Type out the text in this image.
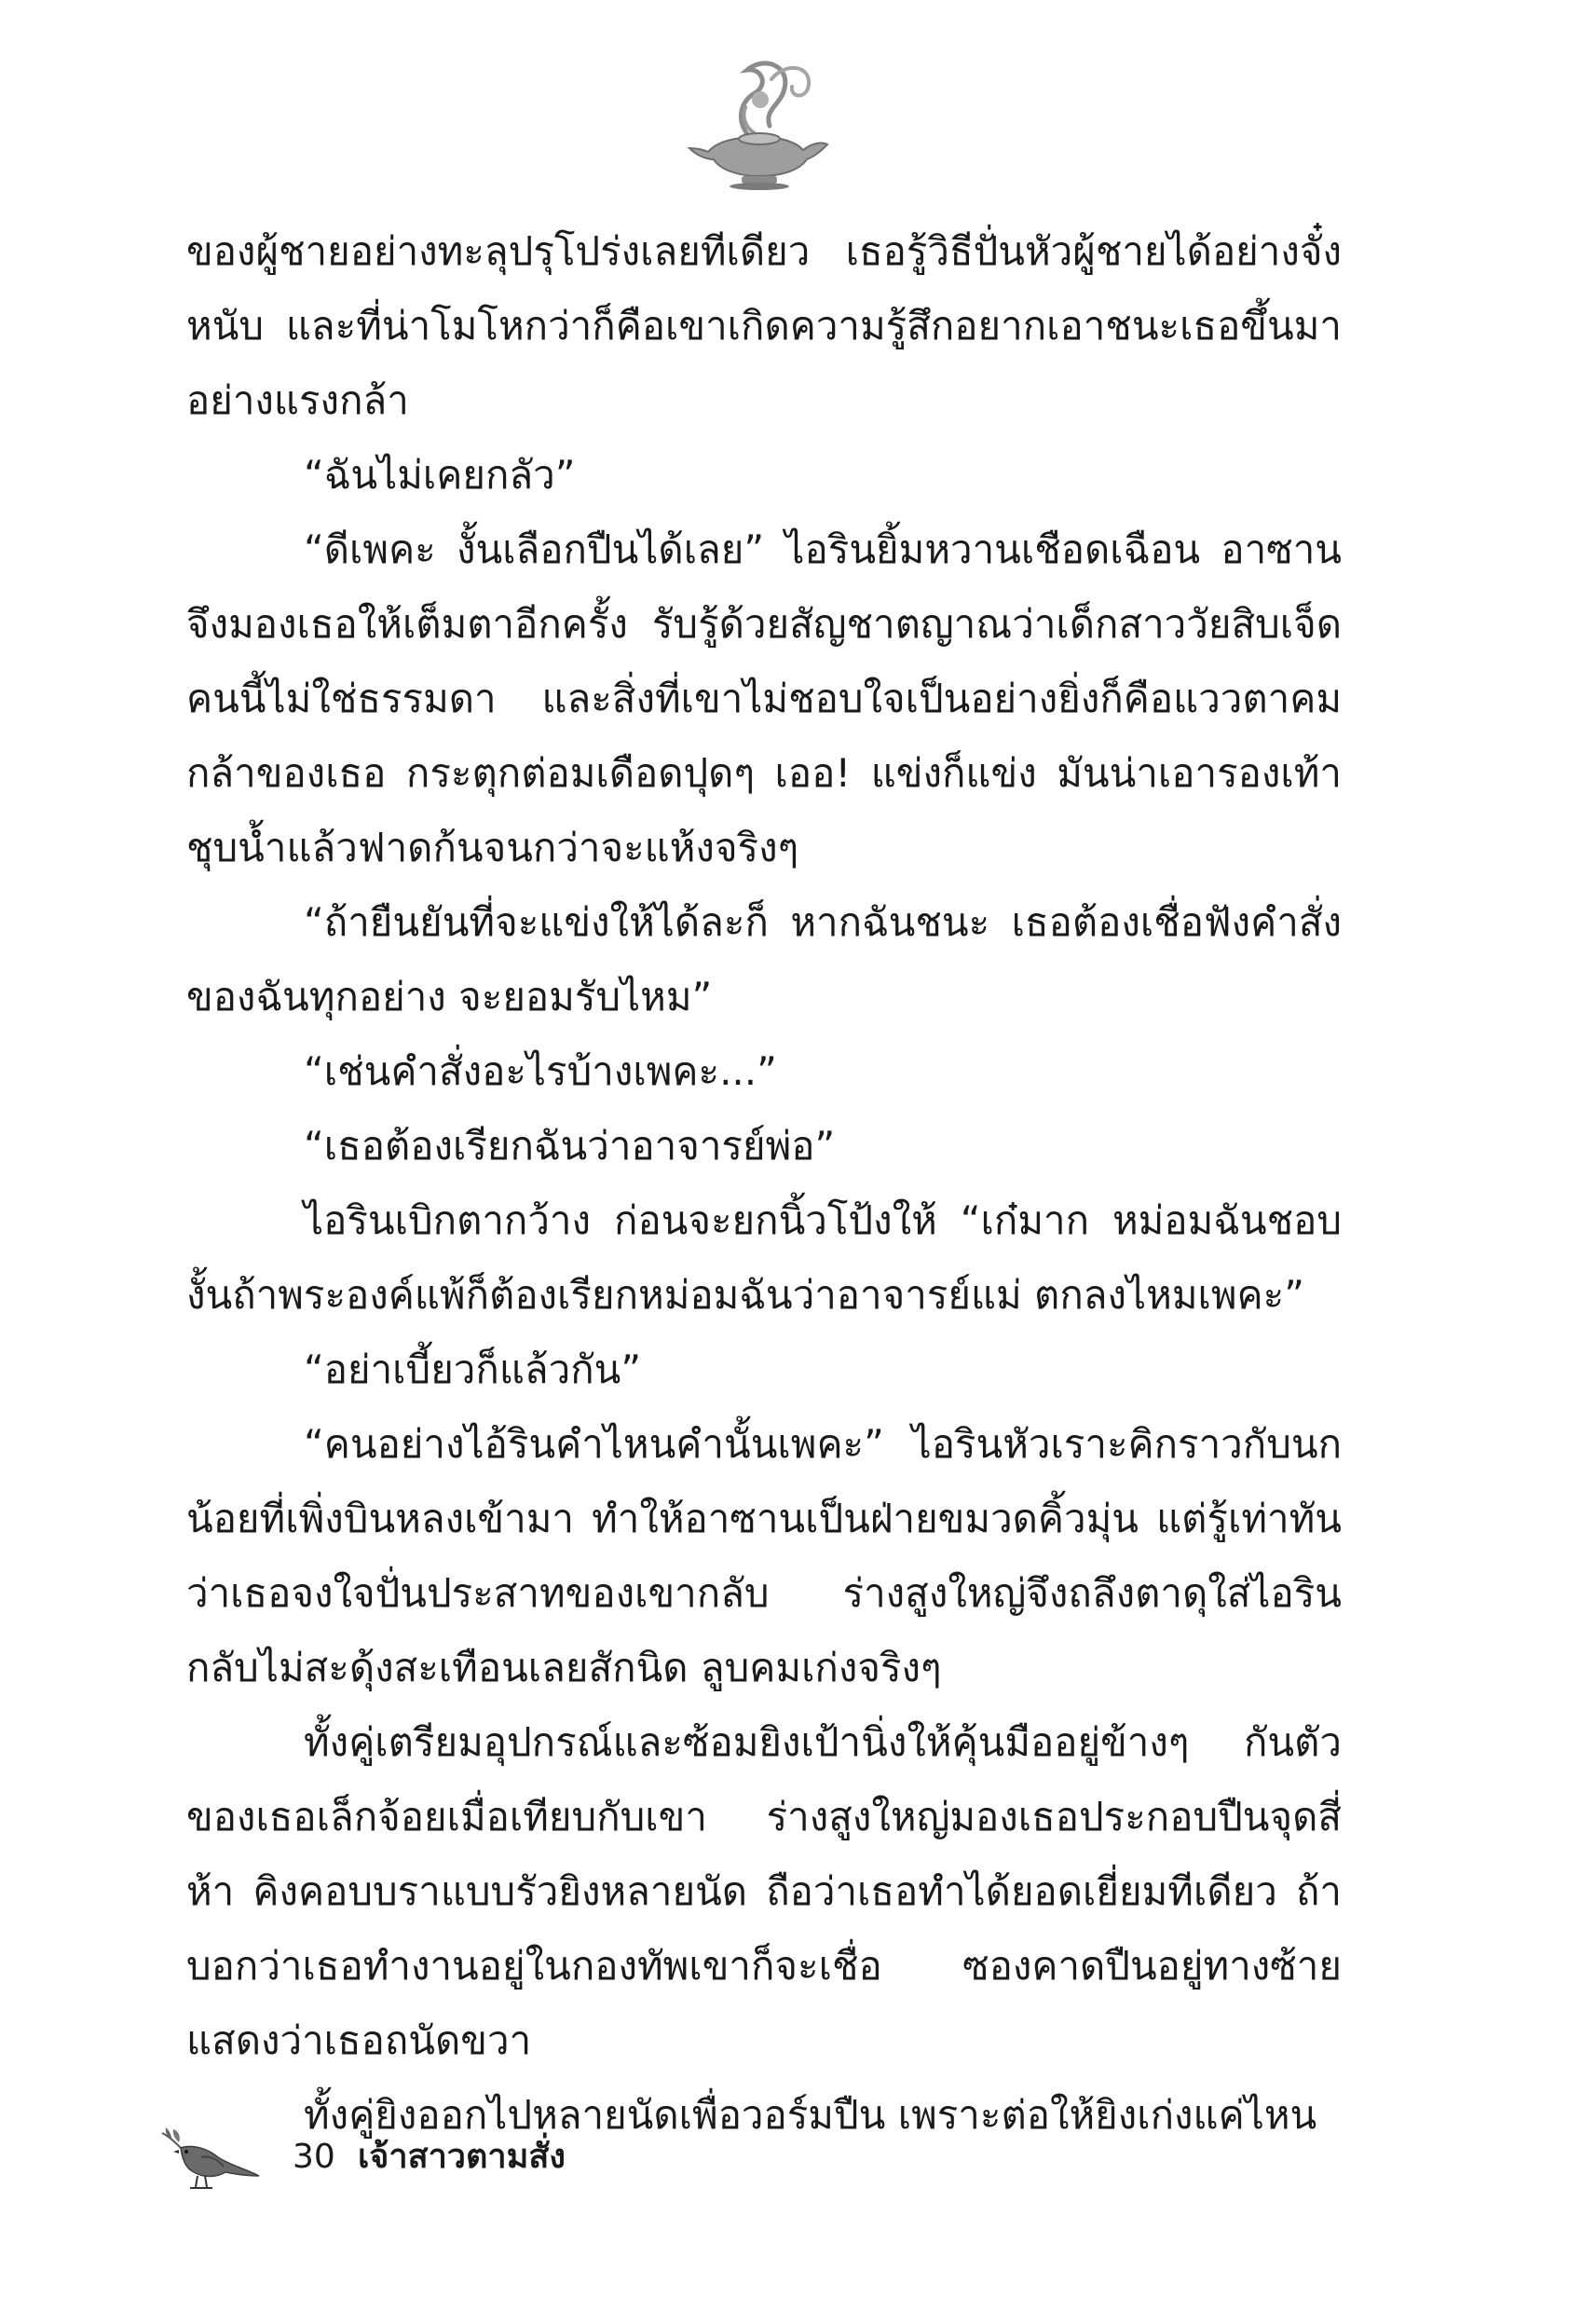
ของผู้ชายอย่างทะลุปรุโปร่งเลยทีเดียว เธอรู้วิธีปั่นหัวผู้ชายได้อย่างจั๋งหนับ และที่น่าโมโหกว่าก็คือเขาเกิดความรู้สึกอยากเอาชนะเธอขึ้นมาอย่างแรงกล้า

“ฉันไม่เคยกลัว”

“ดีเพคะ งั้นเลือกปืนได้เลย” ไอรินยิ้มหวานเชือดเฉือน อาซานจึงมองเธอให้เต็มตาอีกครั้ง รับรู้ด้วยสัญชาตญาณว่าเด็กสาววัยสิบเจ็ดคนนี้ไม่ใช่ธรรมดา และสิ่งที่เขาไม่ชอบใจเป็นอย่างยิ่งก็คือแววตาคมกล้าของเธอ กระตุกต่อมเดือดปุดๆ เออ! แข่งก็แข่ง มันน่าเอารองเท้าชุบน้ำแล้วฟาดก้นจนกว่าจะแห้งจริงๆ

“ถ้ายืนยันที่จะแข่งให้ได้ละก็ หากฉันชนะ เธอต้องเชื่อฟังคำสั่งของฉันทุกอย่าง จะยอมรับไหม”

“เช่นคำสั่งอะไรบ้างเพคะ...”

“เธอต้องเรียกฉันว่าอาจารย์พ่อ”

ไอรินเบิกตากว้าง ก่อนจะยกนิ้วโป้งให้ “เก๋มาก หม่อมฉันชอบงั้นถ้าพระองค์แพ้ก็ต้องเรียกหม่อมฉันว่าอาจารย์แม่ ตกลงไหมเพคะ”

“อย่าเบี้ยวก็แล้วกัน”

“คนอย่างไอ้รินคำไหนคำนั้นเพคะ” ไอรินหัวเราะคิกราวกับนกน้อยที่เพิ่งบินหลงเข้ามา ทำให้อาซานเป็นฝ่ายขมวดคิ้วมุ่น แต่รู้เท่าทันว่าเธอจงใจปั่นประสาทของเขากลับ ร่างสูงใหญ่จึงถลึงตาดุใส่ไอรินกลับไม่สะดุ้งสะเทือนเลยสักนิด ลูบคมเก่งจริงๆ

ทั้งคู่เตรียมอุปกรณ์และซ้อมยิงเป้านิ่งให้คุ้นมืออยู่ข้างๆ กันตัวของเธอเล็กจ้อยเมื่อเทียบกับเขา ร่างสูงใหญ่มองเธอประกอบปืนจุดสี่ห้า คิงคอบบราแบบรัวยิงหลายนัด ถือว่าเธอทำได้ยอดเยี่ยมทีเดียว ถ้าบอกว่าเธอทำงานอยู่ในกองทัพเขาก็จะเชื่อ ซองคาดปืนอยู่ทางซ้ายแสดงว่าเธอถนัดขวา

ทั้งคู่ยิงออกไปหลายนัดเพื่อวอร์มปืน เพราะต่อให้ยิงเก่งแค่ไหน

30 เจ้าสาวตามสั่ง
